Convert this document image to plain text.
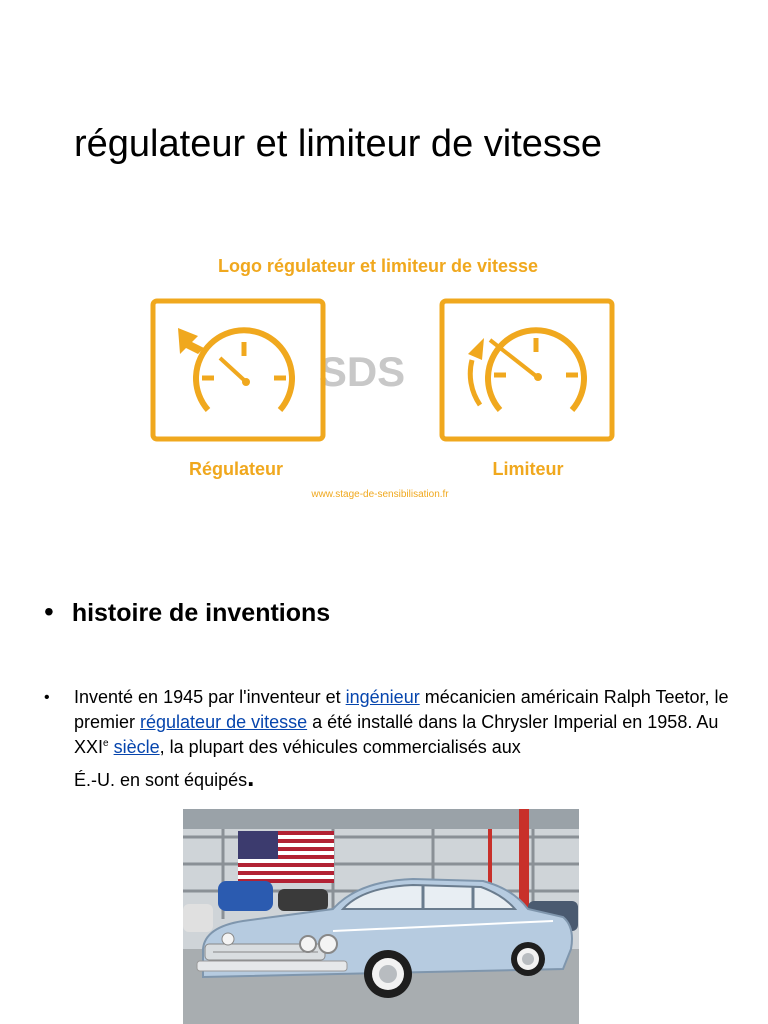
régulateur et limiteur de vitesse
Logo régulateur et limiteur de vitesse
SDS
Régulateur	Limiteur
www.stage-de-sensibilisation.fr
• histoire de inventions
•	Inventé en 1945 par l'inventeur et ingénieur mécanicien américain Ralph Teetor, le premier régulateur de vitesse a été installé dans la Chrysler Imperial en 1958. Au XXIe siècle, la plupart des véhicules commercialisés aux
É.-U. en sont équipés.
